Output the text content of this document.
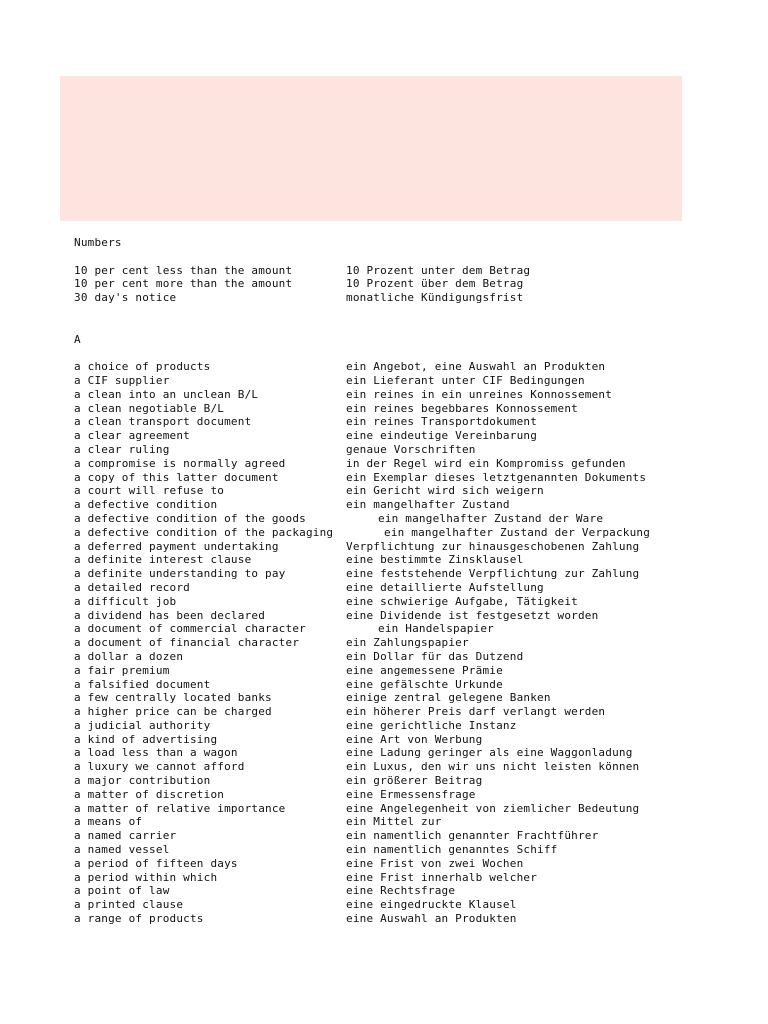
Numbers
10 per cent less than the amount	10 Prozent unter dem Betrag
10 per cent more than the amount	10 Prozent über dem Betrag
30 day's notice	monatliche Kündigungsfrist
A
a choice of products	ein Angebot, eine Auswahl an Produkten
a CIF supplier	ein Lieferant unter CIF Bedingungen
a clean into an unclean B/L	ein reines in ein unreines Konnossement
a clean negotiable B/L	ein reines begebbares Konnossement
a clean transport document	ein reines Transportdokument
a clear agreement	eine eindeutige Vereinbarung
a clear ruling	genaue Vorschriften
a compromise is normally agreed	in der Regel wird ein Kompromiss gefunden
a copy of this latter document	ein Exemplar dieses letztgenannten Dokuments
a court will refuse to	ein Gericht wird sich weigern
a defective condition	ein mangelhafter Zustand
a defective condition of the goods	ein mangelhafter Zustand der Ware
a defective condition of the packaging	ein mangelhafter Zustand der Verpackung
a deferred payment undertaking	Verpflichtung zur hinausgeschobenen Zahlung
a definite interest clause	eine bestimmte Zinsklausel
a definite understanding to pay	eine feststehende Verpflichtung zur Zahlung
a detailed record	eine detaillierte Aufstellung
a difficult job	eine schwierige Aufgabe, Tätigkeit
a dividend has been declared	eine Dividende ist festgesetzt worden
a document of commercial character	ein Handelspapier
a document of financial character	ein Zahlungspapier
a dollar a dozen	ein Dollar für das Dutzend
a fair premium	eine angemessene Prämie
a falsified document	eine gefälschte Urkunde
a few centrally located banks	einige zentral gelegene Banken
a higher price can be charged	ein höherer Preis darf verlangt werden
a judicial authority	eine gerichtliche Instanz
a kind of advertising	eine Art von Werbung
a load less than a wagon	eine Ladung geringer als eine Waggonladung
a luxury we cannot afford	ein Luxus, den wir uns nicht leisten können
a major contribution	ein größerer Beitrag
a matter of discretion	eine Ermessensfrage
a matter of relative importance	eine Angelegenheit von ziemlicher Bedeutung
a means of	ein Mittel zur
a named carrier	ein namentlich genannter Frachtführer
a named vessel	ein namentlich genanntes Schiff
a period of fifteen days	eine Frist von zwei Wochen
a period within which	eine Frist innerhalb welcher
a point of law	eine Rechtsfrage
a printed clause	eine eingedruckte Klausel
a range of products	eine Auswahl an Produkten
